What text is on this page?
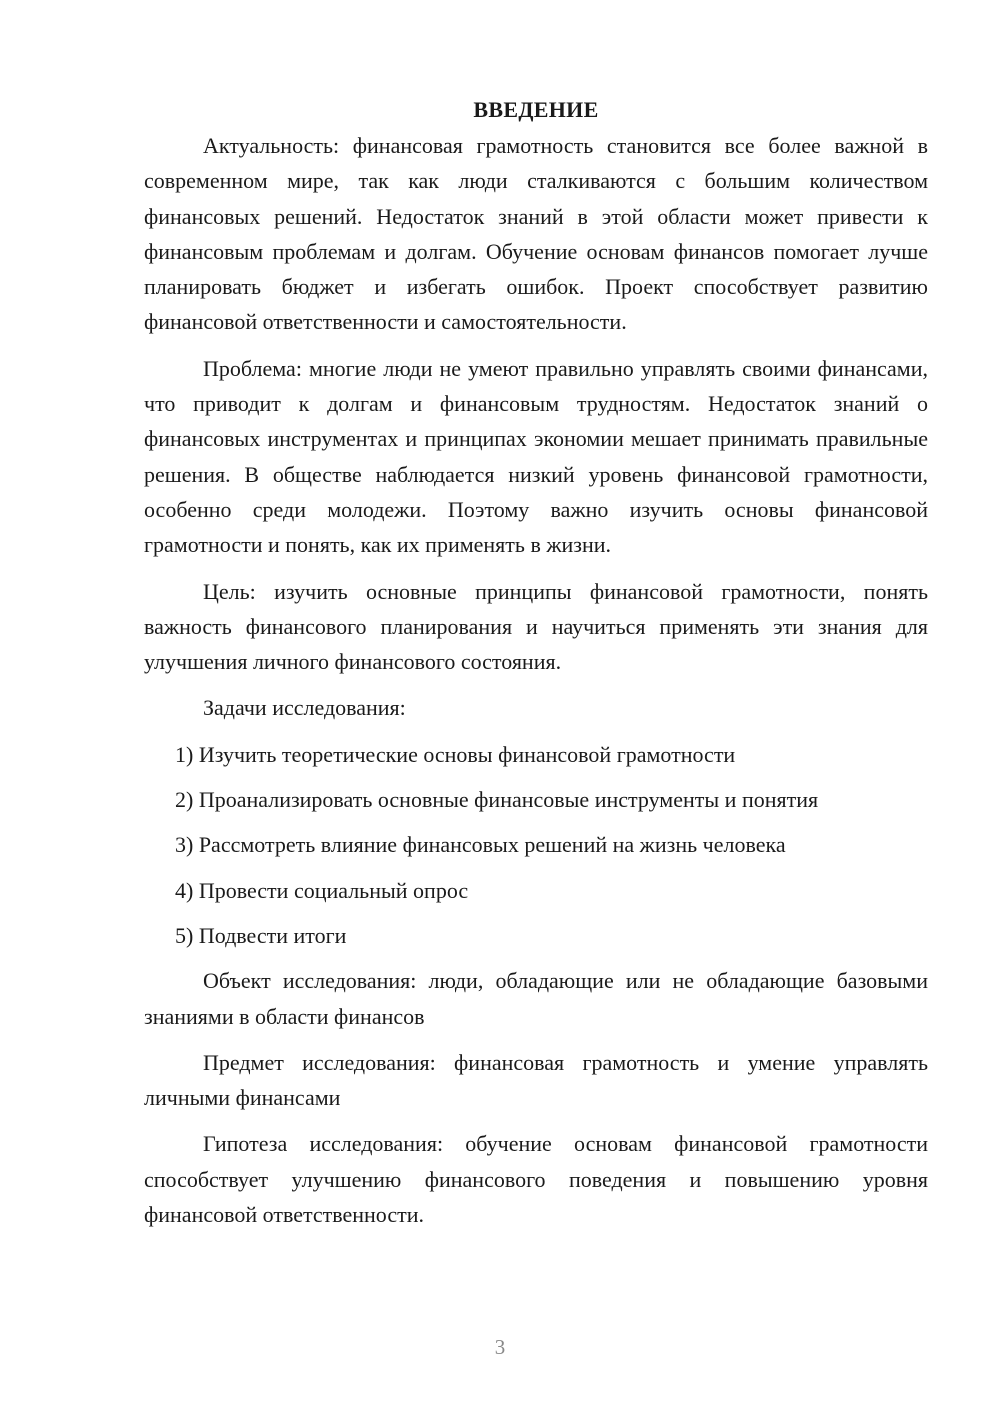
ВВЕДЕНИЕ

Актуальность: финансовая грамотность становится все более важной в современном мире, так как люди сталкиваются с большим количеством финансовых решений. Недостаток знаний в этой области может привести к финансовым проблемам и долгам. Обучение основам финансов помогает лучше планировать бюджет и избегать ошибок. Проект способствует развитию финансовой ответственности и самостоятельности.

Проблема: многие люди не умеют правильно управлять своими финансами, что приводит к долгам и финансовым трудностям. Недостаток знаний о финансовых инструментах и принципах экономии мешает принимать правильные решения. В обществе наблюдается низкий уровень финансовой грамотности, особенно среди молодежи. Поэтому важно изучить основы финансовой грамотности и понять, как их применять в жизни.

Цель: изучить основные принципы финансовой грамотности, понять важность финансового планирования и научиться применять эти знания для улучшения личного финансового состояния.

Задачи исследования:

1) Изучить теоретические основы финансовой грамотности
2) Проанализировать основные финансовые инструменты и понятия
3) Рассмотреть влияние финансовых решений на жизнь человека
4) Провести социальный опрос
5) Подвести итоги

Объект исследования: люди, обладающие или не обладающие базовыми знаниями в области финансов

Предмет исследования: финансовая грамотность и умение управлять личными финансами

Гипотеза исследования: обучение основам финансовой грамотности способствует улучшению финансового поведения и повышению уровня финансовой ответственности.

3
